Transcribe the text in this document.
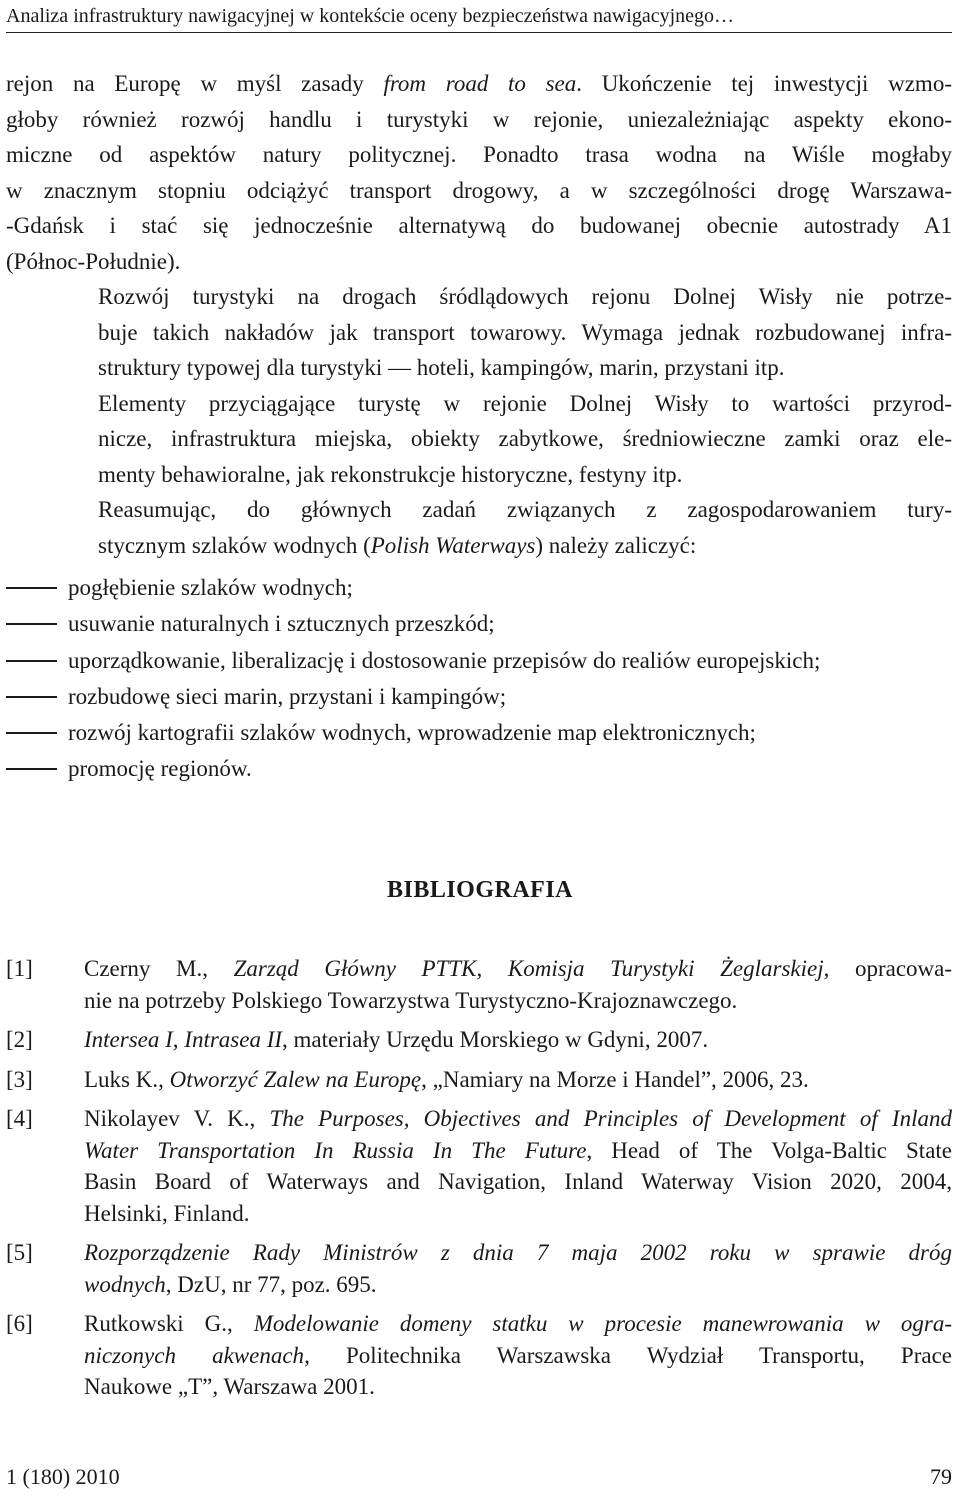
Analiza infrastruktury nawigacyjnej w kontekście oceny bezpieczeństwa nawigacyjnego…
rejon na Europę w myśl zasady from road to sea. Ukończenie tej inwestycji wzmo-
głoby również rozwój handlu i turystyki w rejonie, uniezależniając aspekty ekono-
miczne od aspektów natury politycznej. Ponadto trasa wodna na Wiśle mogłaby
w znacznym stopniu odciążyć transport drogowy, a w szczególności drogę Warszawa-
-Gdańsk i stać się jednocześnie alternatywą do budowanej obecnie autostrady A1
(Północ-Południe).
Rozwój turystyki na drogach śródlądowych rejonu Dolnej Wisły nie potrze-
buje takich nakładów jak transport towarowy. Wymaga jednak rozbudowanej infra-
struktury typowej dla turystyki — hoteli, kampingów, marin, przystani itp.
Elementy przyciągające turystę w rejonie Dolnej Wisły to wartości przyrod-
nicze, infrastruktura miejska, obiekty zabytkowe, średniowieczne zamki oraz ele-
menty behawioralne, jak rekonstrukcje historyczne, festyny itp.
Reasumując, do głównych zadań związanych z zagospodarowaniem tury-
stycznym szlaków wodnych (Polish Waterways) należy zaliczyć:
pogłębienie szlaków wodnych;
usuwanie naturalnych i sztucznych przeszkód;
uporządkowanie, liberalizację i dostosowanie przepisów do realiów europejskich;
rozbudowę sieci marin, przystani i kampingów;
rozwój kartografii szlaków wodnych, wprowadzenie map elektronicznych;
promocję regionów.
BIBLIOGRAFIA
[1] Czerny M., Zarząd Główny PTTK, Komisja Turystyki Żeglarskiej, opracowa-
nie na potrzeby Polskiego Towarzystwa Turystyczno-Krajoznawczego.
[2] Intersea I, Intrasea II, materiały Urzędu Morskiego w Gdyni, 2007.
[3] Luks K., Otworzyć Zalew na Europę, „Namiary na Morze i Handel”, 2006, 23.
[4] Nikolayev V. K., The Purposes, Objectives and Principles of Development of Inland
Water Transportation In Russia In The Future, Head of The Volga-Baltic State
Basin Board of Waterways and Navigation, Inland Waterway Vision 2020, 2004,
Helsinki, Finland.
[5] Rozporządzenie Rady Ministrów z dnia 7 maja 2002 roku w sprawie dróg
wodnych, DzU, nr 77, poz. 695.
[6] Rutkowski G., Modelowanie domeny statku w procesie manewrowania w ogra-
niczonych akwenach, Politechnika Warszawska Wydział Transportu, Prace
Naukowe „T”, Warszawa 2001.
1 (180) 2010	79
